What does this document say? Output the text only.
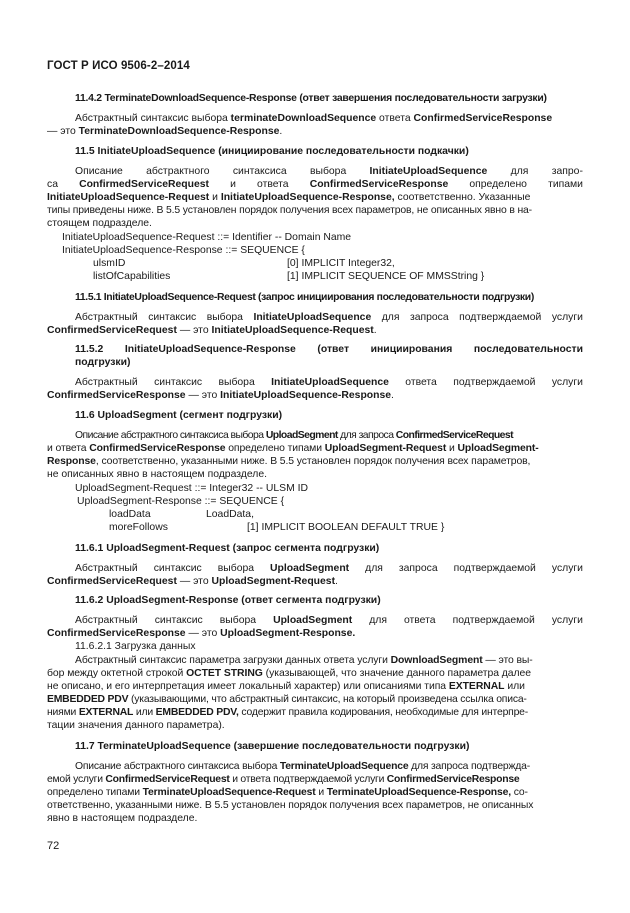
ГОСТ Р ИСО 9506-2–2014
11.4.2 TerminateDownloadSequence-Response (ответ завершения последовательности загрузки)
Абстрактный синтаксис выбора terminateDownloadSequence ответа ConfirmedServiceResponse
— это TerminateDownloadSequence-Response.
11.5 InitiateUploadSequence (инициирование последовательности подкачки)
Описание абстрактного синтаксиса выбора InitiateUploadSequence для запро-
са ConfirmedServiceRequest и ответа ConfirmedServiceResponse определено типами
InitiateUploadSequence-Request и InitiateUploadSequence-Response, соответственно. Указанные
типы приведены ниже. В 5.5 установлен порядок получения всех параметров, не описанных явно в на-
стоящем подразделе.
InitiateUploadSequence-Request ::= Identifier -- Domain Name
InitiateUploadSequence-Response ::= SEQUENCE {
ulsmID	[0] IMPLICIT Integer32,
listOfCapabilities	[1] IMPLICIT SEQUENCE OF MMSString }
11.5.1 InitiateUploadSequence-Request (запрос инициирования последовательности подгрузки)
Абстрактный синтаксис выбора InitiateUploadSequence для запроса подтверждаемой услуги
ConfirmedServiceRequest — это InitiateUploadSequence-Request.
11.5.2 InitiateUploadSequence-Response (ответ инициирования последовательности
подгрузки)
Абстрактный синтаксис выбора InitiateUploadSequence ответа подтверждаемой услуги
ConfirmedServiceResponse — это InitiateUploadSequence-Response.
11.6 UploadSegment (сегмент подгрузки)
Описание абстрактного синтаксиса выбора UploadSegment для запроса ConfirmedServiceRequest
и ответа ConfirmedServiceResponse определено типами UploadSegment-Request и UploadSegment-
Response, соответственно, указанными ниже. В 5.5 установлен порядок получения всех параметров,
не описанных явно в настоящем подразделе.
UploadSegment-Request ::= Integer32 -- ULSM ID
UploadSegment-Response ::= SEQUENCE {
loadData	LoadData,
moreFollows	[1] IMPLICIT BOOLEAN DEFAULT TRUE }
11.6.1 UploadSegment-Request (запрос сегмента подгрузки)
Абстрактный синтаксис выбора UploadSegment для запроса подтверждаемой услуги
ConfirmedServiceRequest — это UploadSegment-Request.
11.6.2 UploadSegment-Response (ответ сегмента подгрузки)
Абстрактный синтаксис выбора UploadSegment для ответа подтверждаемой услуги
ConfirmedServiceResponse — это UploadSegment-Response.
11.6.2.1 Загрузка данных
Абстрактный синтаксис параметра загрузки данных ответа услуги DownloadSegment — это вы-
бор между октетной строкой OCTET STRING (указывающей, что значение данного параметра далее
не описано, и его интерпретация имеет локальный характер) или описаниями типа EXTERNAL или
EMBEDDED PDV (указывающими, что абстрактный синтаксис, на который произведена ссылка описа-
ниями EXTERNAL или EMBEDDED PDV, содержит правила кодирования, необходимые для интерпре-
тации значения данного параметра).
11.7 TerminateUploadSequence (завершение последовательности подгрузки)
Описание абстрактного синтаксиса выбора TerminateUploadSequence для запроса подтвержда-
емой услуги ConfirmedServiceRequest и ответа подтверждаемой услуги ConfirmedServiceResponse
определено типами TerminateUploadSequence-Request и TerminateUploadSequence-Response, со-
ответственно, указанными ниже. В 5.5 установлен порядок получения всех параметров, не описанных
явно в настоящем подразделе.
72
